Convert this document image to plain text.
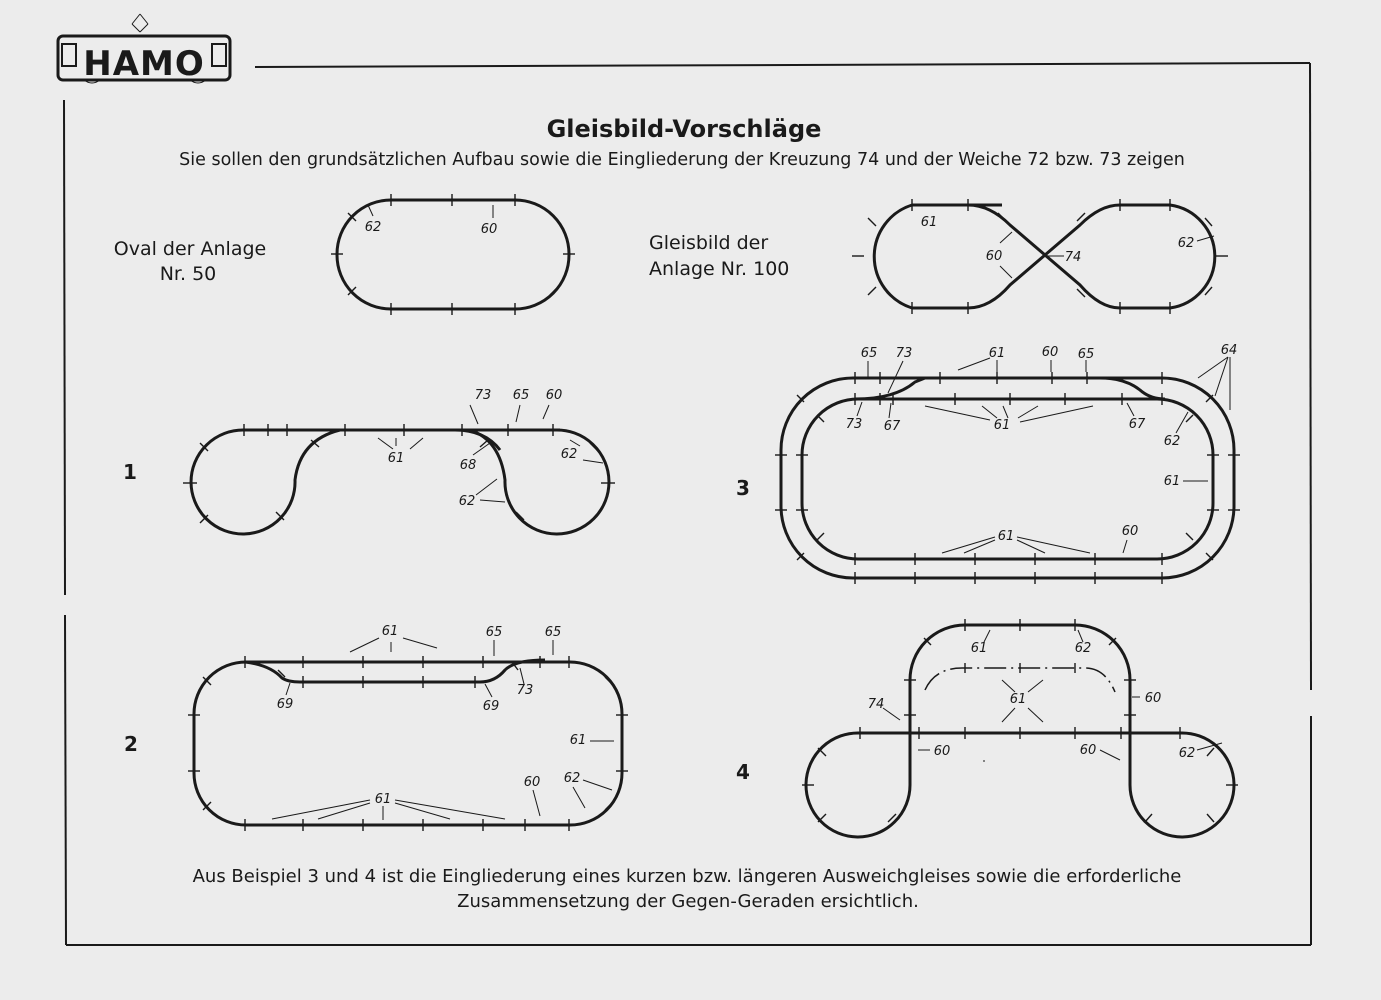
HAMO
Gleisbild-Vorschläge
Sie sollen den grundsätzlichen Aufbau sowie die Eingliederung der Kreuzung 74 und der Weiche 72 bzw. 73 zeigen
Oval der Anlage
Nr. 50
62	60
Gleisbild der
Anlage Nr. 100
61
60	74
62
1
73 65 60
61	68
62
62
2
61	65	65
69	69
73
61
60 62
61
3
65 73	61	60 65	64
73 67	61	67
62
61
61	60
4
61	62
74	61	60
60	60	62
Aus Beispiel 3 und 4 ist die Eingliederung eines kurzen bzw. längeren Ausweichgleises sowie die erforderliche
Zusammensetzung der Gegen-Geraden ersichtlich.
